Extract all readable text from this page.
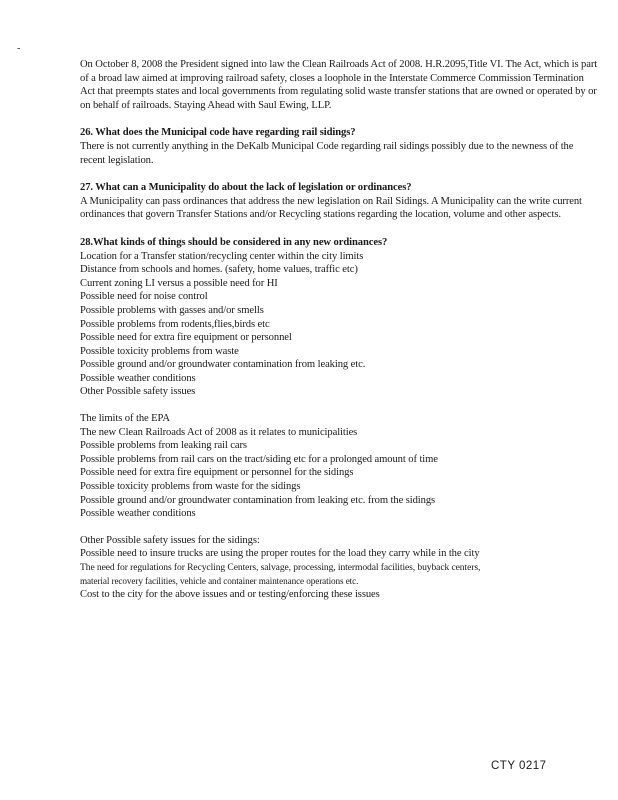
-

On October 8, 2008 the President signed into law the Clean Railroads Act of 2008. H.R.2095,Title VI. The Act, which is part of a broad law aimed at improving railroad safety, closes a loophole in the Interstate Commerce Commission Termination Act that preempts states and local governments from regulating solid waste transfer stations that are owned or operated by or on behalf of railroads. Staying Ahead with Saul Ewing, LLP.

26. What does the Municipal code have regarding rail sidings?

There is not currently anything in the DeKalb Municipal Code regarding rail sidings possibly due to the newness of the recent legislation.

27. What can a Municipality do about the lack of legislation or ordinances?

A Municipality can pass ordinances that address the new legislation on Rail Sidings. A Municipality can the write current ordinances that govern Transfer Stations and/or Recycling stations regarding the location, volume and other aspects.

28.What kinds of things should be considered in any new ordinances?

Location for a Transfer station/recycling center within the city limits

Distance from schools and homes. (safety, home values, traffic etc)

Current zoning LI versus a possible need for HI

Possible need for noise control

Possible problems with gasses and/or smells

Possible problems from rodents,flies,birds etc

Possible need for extra fire equipment or personnel

Possible toxicity problems from waste

Possible ground and/or groundwater contamination from leaking etc.

Possible weather conditions

Other Possible safety issues

The limits of the EPA

The new Clean Railroads Act of 2008 as it relates to municipalities

Possible problems from leaking rail cars

Possible problems from rail cars on the tract/siding etc for a prolonged amount of time

Possible need for extra fire equipment or personnel for the sidings

Possible toxicity problems from waste for the sidings

Possible ground and/or groundwater contamination from leaking etc. from the sidings

Possible weather conditions

Other Possible safety issues for the sidings:

Possible need to insure trucks are using the proper routes for the load they carry while in the city

The need for regulations for Recycling Centers, salvage, processing, intermodal facilities, buyback centers,

material recovery facilities, vehicle and container maintenance operations etc.

Cost to the city for the above issues and or testing/enforcing these issues

CTY 0217
